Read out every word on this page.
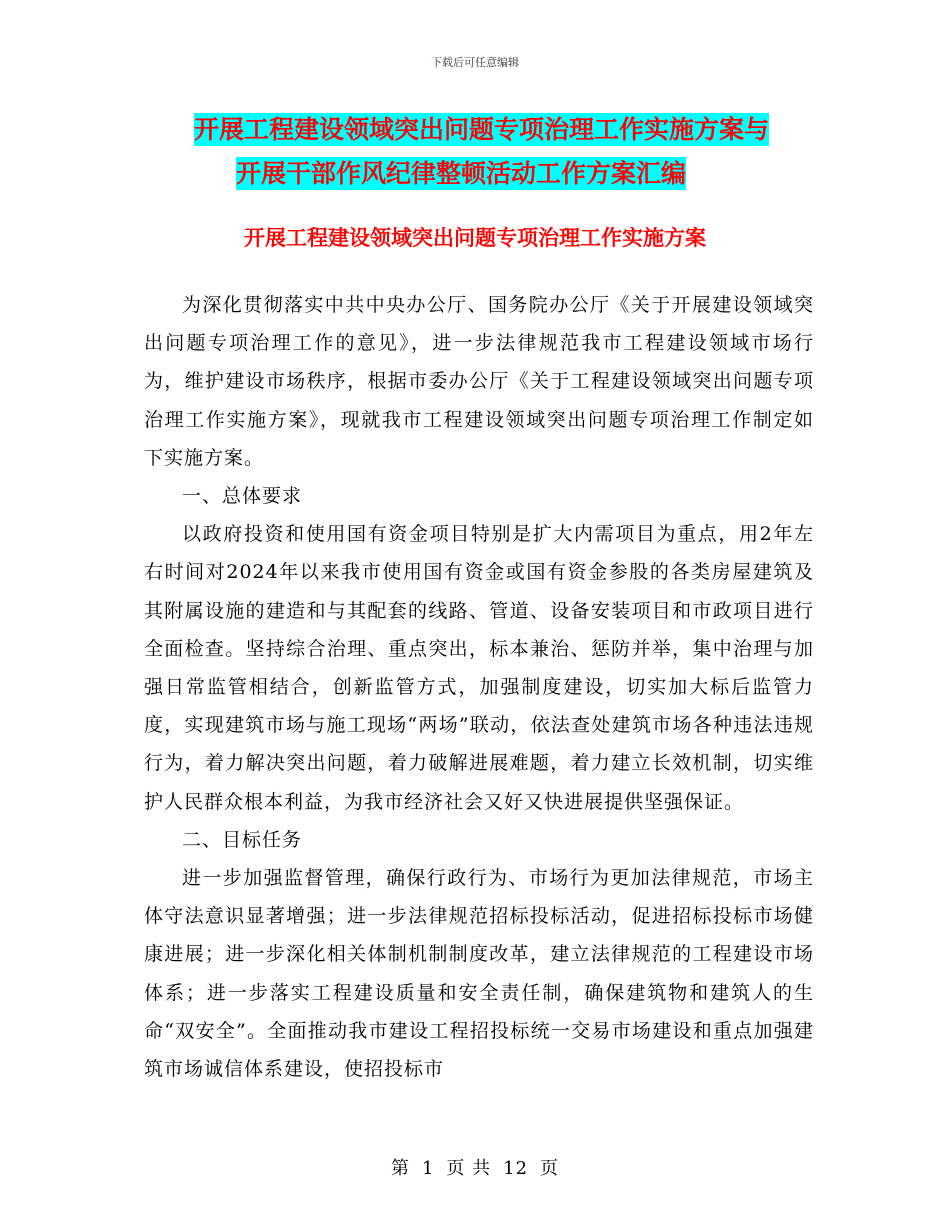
下载后可任意编辑
开展工程建设领域突出问题专项治理工作实施方案与
开展干部作风纪律整顿活动工作方案汇编
开展工程建设领域突出问题专项治理工作实施方案

为深化贯彻落实中共中央办公厅、国务院办公厅《关于开展建设领域突出问题专项治理工作的意见》，进一步法律规范我市工程建设领域市场行为，维护建设市场秩序，根据市委办公厅《关于工程建设领域突出问题专项治理工作实施方案》，现就我市工程建设领域突出问题专项治理工作制定如下实施方案。

一、总体要求

以政府投资和使用国有资金项目特别是扩大内需项目为重点，用2年左右时间对2024年以来我市使用国有资金或国有资金参股的各类房屋建筑及其附属设施的建造和与其配套的线路、管道、设备安装项目和市政项目进行全面检查。坚持综合治理、重点突出，标本兼治、惩防并举，集中治理与加强日常监管相结合，创新监管方式，加强制度建设，切实加大标后监管力度，实现建筑市场与施工现场“两场”联动，依法查处建筑市场各种违法违规行为，着力解决突出问题，着力破解进展难题，着力建立长效机制，切实维护人民群众根本利益，为我市经济社会又好又快进展提供坚强保证。

二、目标任务

进一步加强监督管理，确保行政行为、市场行为更加法律规范，市场主体守法意识显著增强；进一步法律规范招标投标活动，促进招标投标市场健康进展；进一步深化相关体制机制制度改革，建立法律规范的工程建设市场体系；进一步落实工程建设质量和安全责任制，确保建筑物和建筑人的生命“双安全”。全面推动我市建设工程招投标统一交易市场建设和重点加强建筑市场诚信体系建设，使招投标市

第 1 页 共 12 页
